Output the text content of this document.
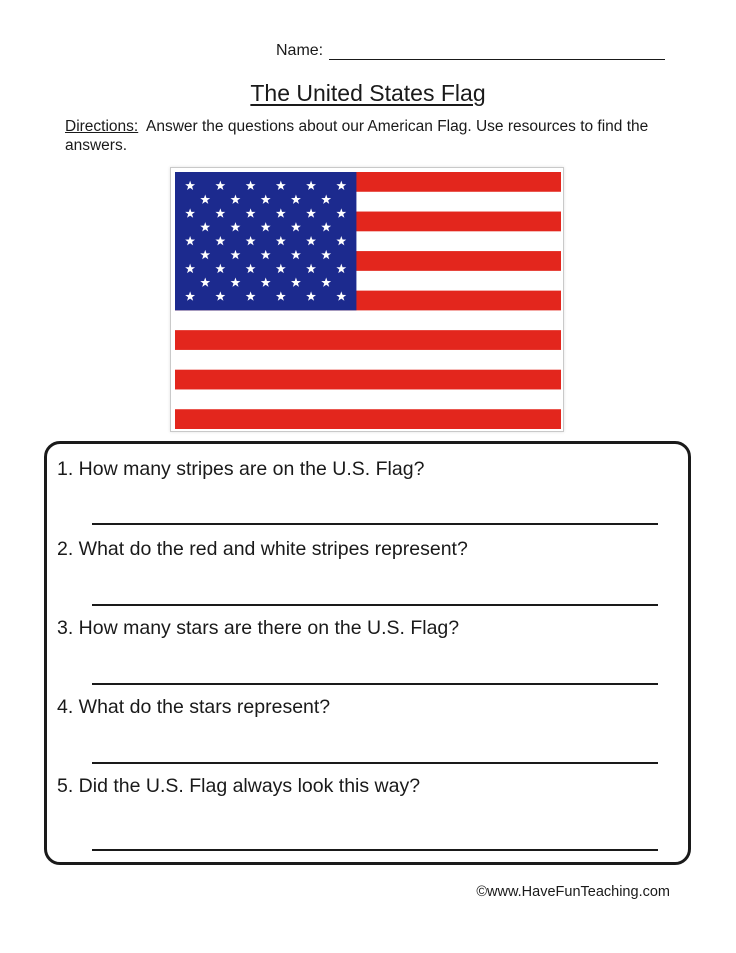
Name:
The United States Flag
Directions: Answer the questions about our American Flag. Use resources to find the answers.
1. How many stripes are on the U.S. Flag?
2. What do the red and white stripes represent?
3. How many stars are there on the U.S. Flag?
4. What do the stars represent?
5. Did the U.S. Flag always look this way?
©www.HaveFunTeaching.com
